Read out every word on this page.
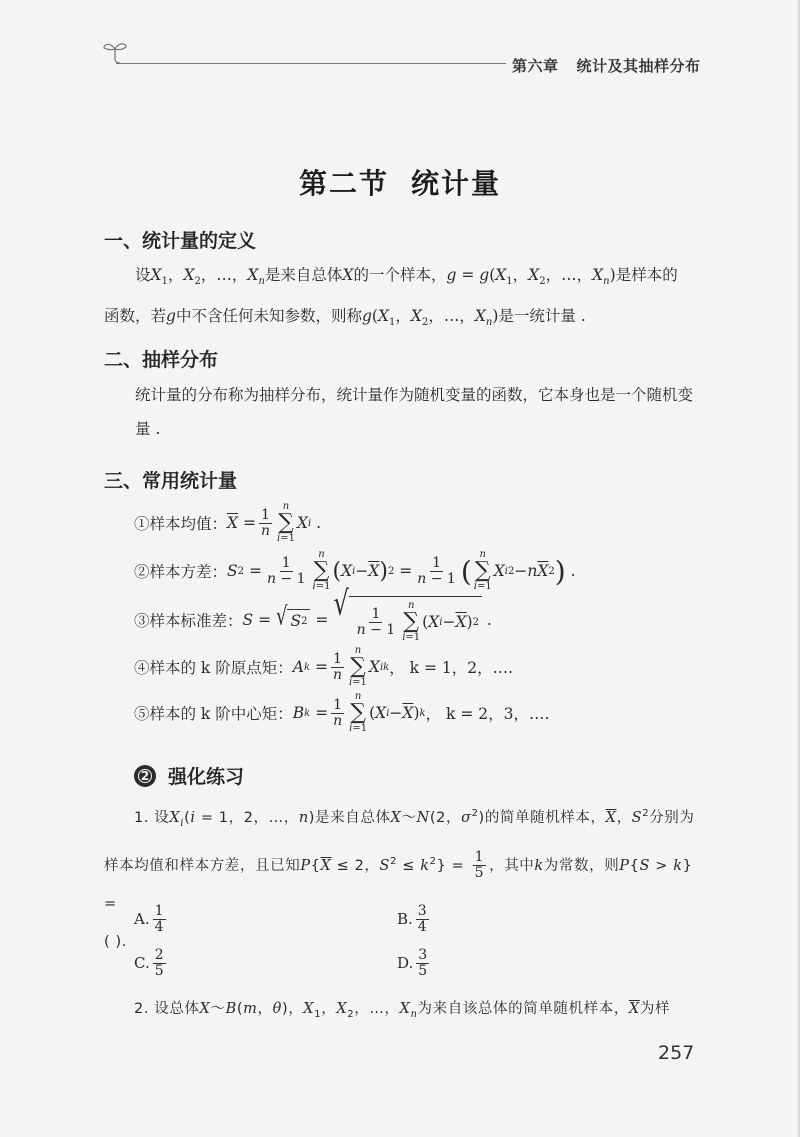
第六章 统计及其抽样分布
第二节 统计量
一、统计量的定义
设$X_1$，$X_2$，…，$X_n$是来自总体X的一个样本，$g = g(X_1$，$X_2$，…，$X_n$)是样本的
函数，若g中不含任何未知参数，则称$g(X_1$，$X_2$，…，$X_n$)是一统计量 .
二、抽样分布
统计量的分布称为抽样分布，统计量作为随机变量的函数，它本身也是一个随机变量 .
三、常用统计量
①样本均值： $\overline{X} = \frac{1}{n}$
n
∑
i=1
X i .
②样本方差： S $2 = \frac{1}{n - 1}$
n
∑
i=1
( X $i - \overline{X}$ ) $2 = \frac{1}{n - 1}$ ( n
∑
i=1
X i 2 − n $\overline{X}$ 2 ) .
③样本标准差： S = √ S 2 = √ $\frac{1}{n - 1}$
n
∑
i=1
( X $i - \overline{X}$ ) 2 .
④样本的 k 阶原点矩： A $k = \frac{1}{n}$
n
∑
i=1
X i k ， k = 1，2，….
⑤样本的 k 阶中心矩： B $k = \frac{1}{n}$
n
∑
i=1
( X $i - \overline{X}$ ) k ， k = 2，3，….
2 强化练习
1. 设$X_i(i = 1$，2，…，n)是来自总体X～N(2，$\sigma^2$)的简单随机样本，$\overline{X}$，$S^2$分别为
样本均值和样本方差，且已知$P\{\overline{X} \le 2$，$S^2 \le k^2\} = \frac{1}{5}$ ，其中k为常数，则P{S > k} =
( ).
A. $\frac{1}{4}$	B. $\frac{3}{4}$
C. $\frac{2}{5}$	D. $\frac{3}{5}$
2. 设总体X～B(m，θ)，$X_1$，$X_2$，…，$X_n$为来自该总体的简单随机样本，$\overline{X}$为样
257
